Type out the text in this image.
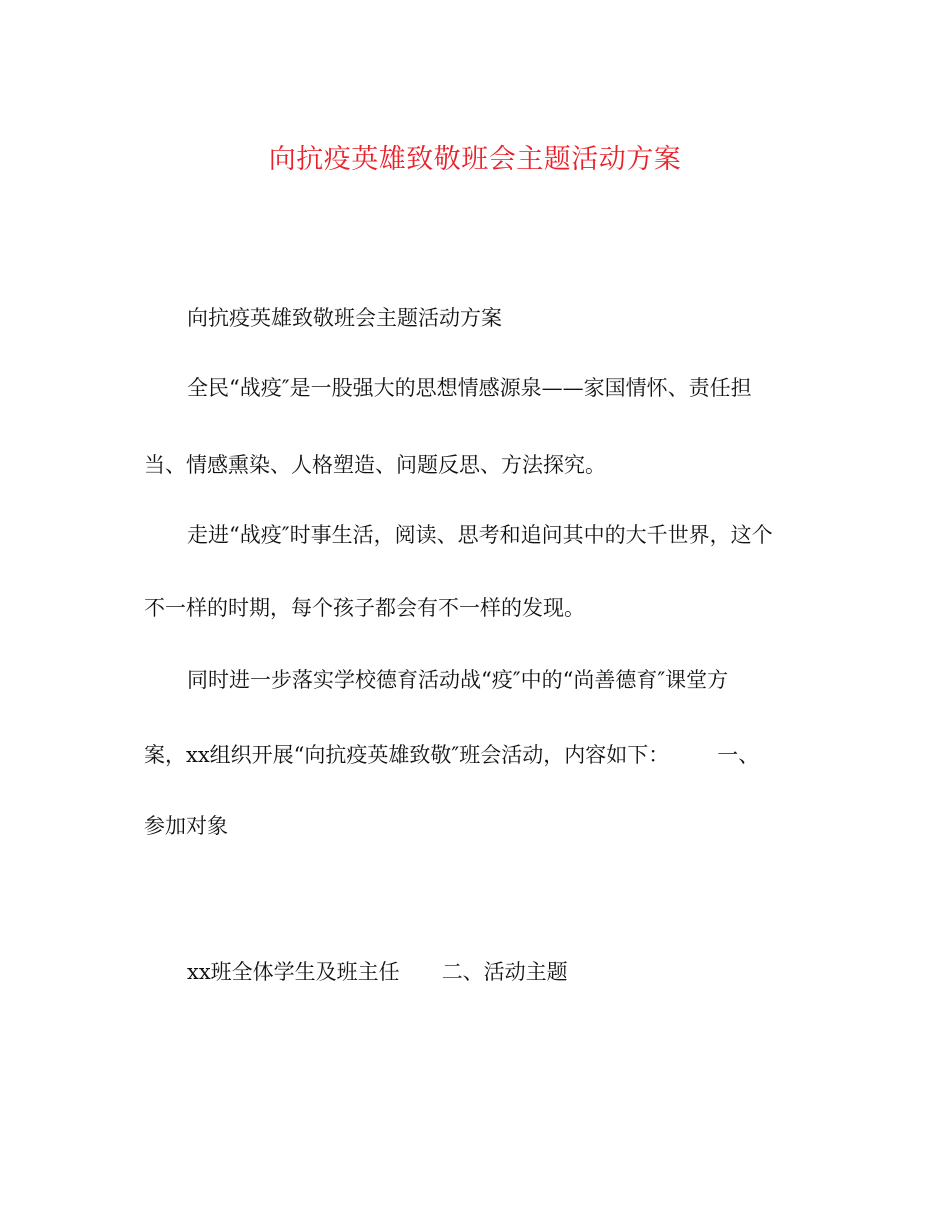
向抗疫英雄致敬班会主题活动方案
向抗疫英雄致敬班会主题活动方案
全民“战疫″是一股强大的思想情感源泉——家国情怀、责任担
当、情感熏染、人格塑造、问题反思、方法探究。
走进“战疫″时事生活，阅读、思考和追问其中的大千世界，这个
不一样的时期，每个孩子都会有不一样的发现。
同时进一步落实学校德育活动战“疫″中的“尚善德育″课堂方
案，xx组织开展“向抗疫英雄致敬″班会活动，内容如下： 一、
参加对象
xx班全体学生及班主任 二、活动主题
